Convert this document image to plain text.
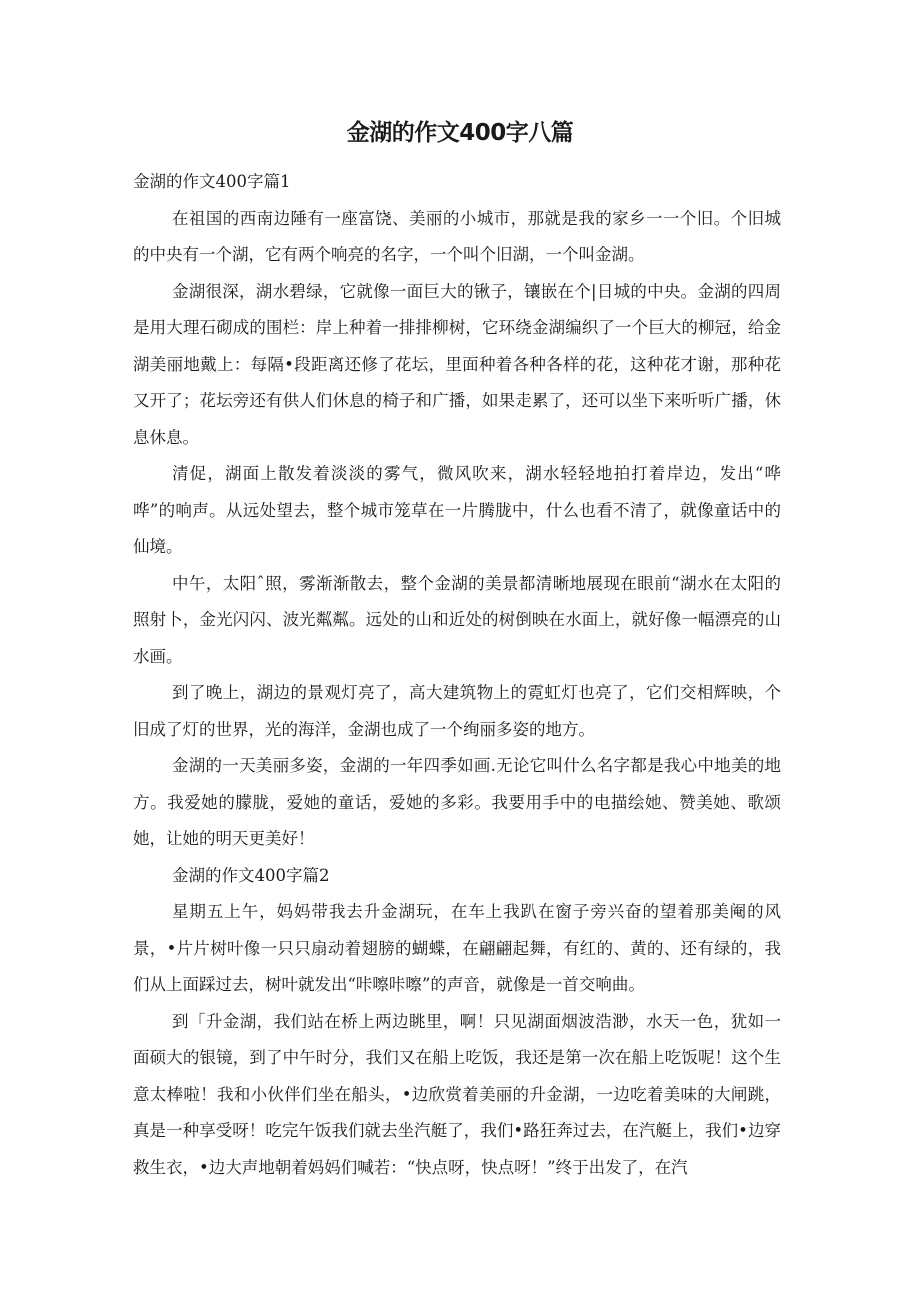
金湖的作文400字八篇

金湖的作文400字篇1

在祖国的西南边陲有一座富饶、美丽的小城市，那就是我的家乡一一个旧。个旧城的中央有一个湖，它有两个响亮的名字，一个叫个旧湖，一个叫金湖。

金湖很深，湖水碧绿，它就像一面巨大的锹子，镶嵌在个|日城的中央。金湖的四周是用大理石砌成的围栏：岸上种着一排排柳树，它环绕金湖编织了一个巨大的柳冠，给金湖美丽地戴上：每隔•段距离还修了花坛，里面种着各种各样的花，这种花才谢，那种花又开了；花坛旁还有供人们休息的椅子和广播，如果走累了，还可以坐下来听听广播，休息休息。

清促，湖面上散发着淡淡的雾气，微风吹来，湖水轻轻地拍打着岸边，发出“哗哗”的响声。从远处望去，整个城市笼草在一片腾胧中，什么也看不清了，就像童话中的仙境。

中午，太阳ˆ照，雾渐渐散去，整个金湖的美景都清晰地展现在眼前“湖水在太阳的照射卜，金光闪闪、波光粼粼。远处的山和近处的树倒映在水面上，就好像一幅漂亮的山水画。

到了晚上，湖边的景观灯亮了，高大建筑物上的霓虹灯也亮了，它们交相辉映，个旧成了灯的世界，光的海洋，金湖也成了一个绚丽多姿的地方。

金湖的一天美丽多姿，金湖的一年四季如画.无论它叫什么名字都是我心中地美的地方。我爱她的朦胧，爱她的童话，爱她的多彩。我要用手中的电描绘她、赞美她、歌颂她，让她的明天更美好！

金湖的作文400字篇2

星期五上午，妈妈带我去升金湖玩，在车上我趴在窗子旁兴奋的望着那美阉的风景，•片片树叶像一只只扇动着翅膀的蝴蝶，在翩翩起舞，有红的、黄的、还有绿的，我们从上面踩过去，树叶就发出“咔嚓咔嚓”的声音，就像是一首交响曲。

到「升金湖，我们站在桥上两边眺里，啊！只见湖面烟波浩渺，水天一色，犹如一面硕大的银镜，到了中午时分，我们又在船上吃饭，我还是第一次在船上吃饭呢！这个生意太棒啦！我和小伙伴们坐在船头，•边欣赏着美丽的升金湖，一边吃着美味的大闸跳，真是一种享受呀！吃完午饭我们就去坐汽艇了，我们•路狂奔过去，在汽艇上，我们•边穿救生衣，•边大声地朝着妈妈们喊若：“快点呀，快点呀！”终于出发了，在汽
